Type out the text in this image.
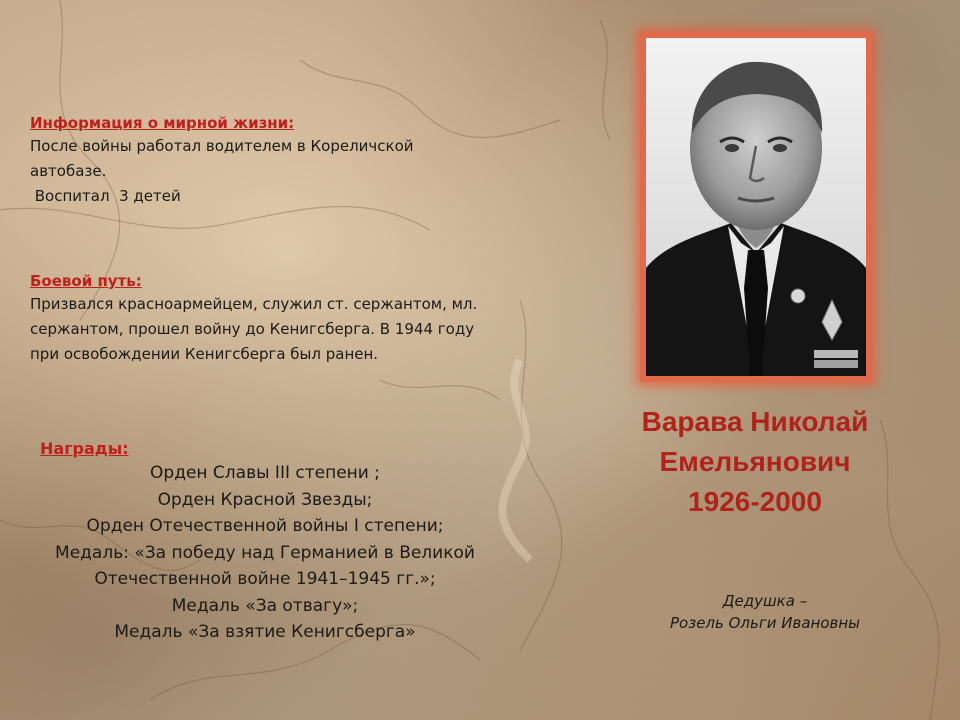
Информация о мирной жизни:
После войны работал водителем в Кореличской автобазе.
Воспитал  3 детей
Боевой путь:
Призвался красноармейцем, служил ст. сержантом, мл. сержантом, прошел войну до Кенигсберга. В 1944 году при освобождении Кенигсберга был ранен.
Награды:
Орден Славы III степени ;
Орден Красной Звезды;
Орден Отечественной войны I степени;
Медаль: «За победу над Германией в Великой Отечественной войне 1941–1945 гг.»;
Медаль «За отвагу»;
Медаль «За взятие Кенигсберга»
Варава Николай
Емельянович
1926-2000
Дедушка –
Розель Ольги Ивановны
